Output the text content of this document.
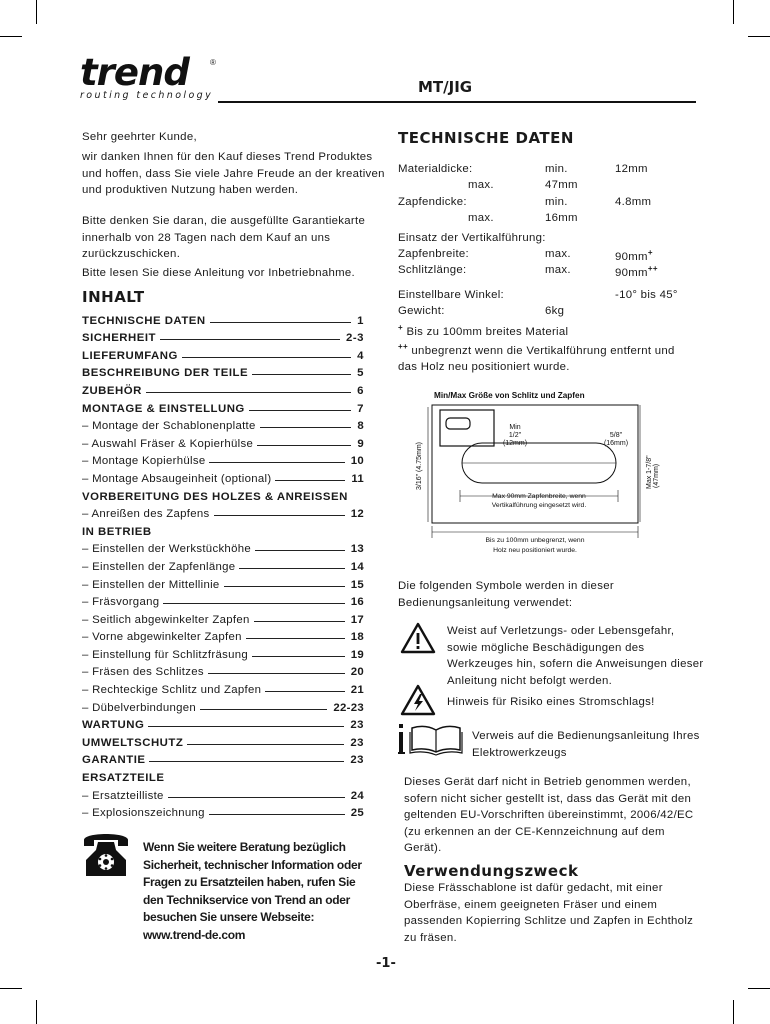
trend	®
routing technology	MT/JIG
Sehr geehrter Kunde,
wir danken Ihnen für den Kauf dieses Trend Produktes und hoffen, dass Sie viele Jahre Freude an der kreativen und produktiven Nutzung haben werden.
Bitte denken Sie daran, die ausgefüllte Garantiekarte innerhalb von 28 Tagen nach dem Kauf an uns zurückzuschicken.
Bitte lesen Sie diese Anleitung vor Inbetriebnahme.
INHALT
TECHNISCHE DATEN	1
SICHERHEIT	2-3
LIEFERUMFANG	4
BESCHREIBUNG DER TEILE	5
ZUBEHÖR	6
MONTAGE & EINSTELLUNG	7
– Montage der Schablonenplatte	8
– Auswahl Fräser & Kopierhülse	9
– Montage Kopierhülse	10
– Montage Absaugeinheit (optional)	11
VORBEREITUNG DES HOLZES & ANREISSEN
– Anreißen des Zapfens	12
IN BETRIEB
– Einstellen der Werkstückhöhe	13
– Einstellen der Zapfenlänge	14
– Einstellen der Mittellinie	15
– Fräsvorgang	16
– Seitlich abgewinkelter Zapfen	17
– Vorne abgewinkelter Zapfen	18
– Einstellung für Schlitzfräsung	19
– Fräsen des Schlitzes	20
– Rechteckige Schlitz und Zapfen	21
– Dübelverbindungen	22-23
WARTUNG	23
UMWELTSCHUTZ	23
GARANTIE	23
ERSATZTEILE
– Ersatzteilliste	24
– Explosionszeichnung	25
Wenn Sie weitere Beratung bezüglich Sicherheit, technischer Information oder Fragen zu Ersatzteilen haben, rufen Sie den Technikservice von Trend an oder besuchen Sie unsere Webseite: www.trend-de.com
-1-
TECHNISCHE DATEN
Materialdicke:	min.	12mm
max.	47mm
Zapfendicke:	min.	4.8mm
max.	16mm
Einsatz der Vertikalführung:
Zapfenbreite:	max.	90mm+
Schlitzlänge:	max.	90mm++
Einstellbare Winkel:	-10° bis 45°
Gewicht:	6kg
+ Bis zu 100mm breites Material
++ unbegrenzt wenn die Vertikalführung entfernt und das Holz neu positioniert wurde.
Min/Max Größe von Schlitz und Zapfen
3/16" (4.75mm)
Min
1/2"
(12mm)
5/8"
(16mm)
Max 1-7/8" (47mm)
Max 90mm Zapfenbreite, wenn
Vertikalführung eingesetzt wird.
Bis zu 100mm unbegrenzt, wenn
Holz neu positioniert wurde.
Die folgenden Symbole werden in dieser Bedienungsanleitung verwendet:
Weist auf Verletzungs- oder Lebensgefahr, sowie mögliche Beschädigungen des Werkzeuges hin, sofern die Anweisungen dieser Anleitung nicht befolgt werden.
Hinweis für Risiko eines Stromschlags!
Verweis auf die Bedienungsanleitung Ihres Elektrowerkzeugs
Dieses Gerät darf nicht in Betrieb genommen werden, sofern nicht sicher gestellt ist, dass das Gerät mit den geltenden EU-Vorschriften übereinstimmt, 2006/42/EC (zu erkennen an der CE-Kennzeichnung auf dem Gerät).
Verwendungszweck
Diese Frässchablone ist dafür gedacht, mit einer Oberfräse, einem geeigneten Fräser und einem passenden Kopierring Schlitze und Zapfen in Echtholz zu fräsen.
